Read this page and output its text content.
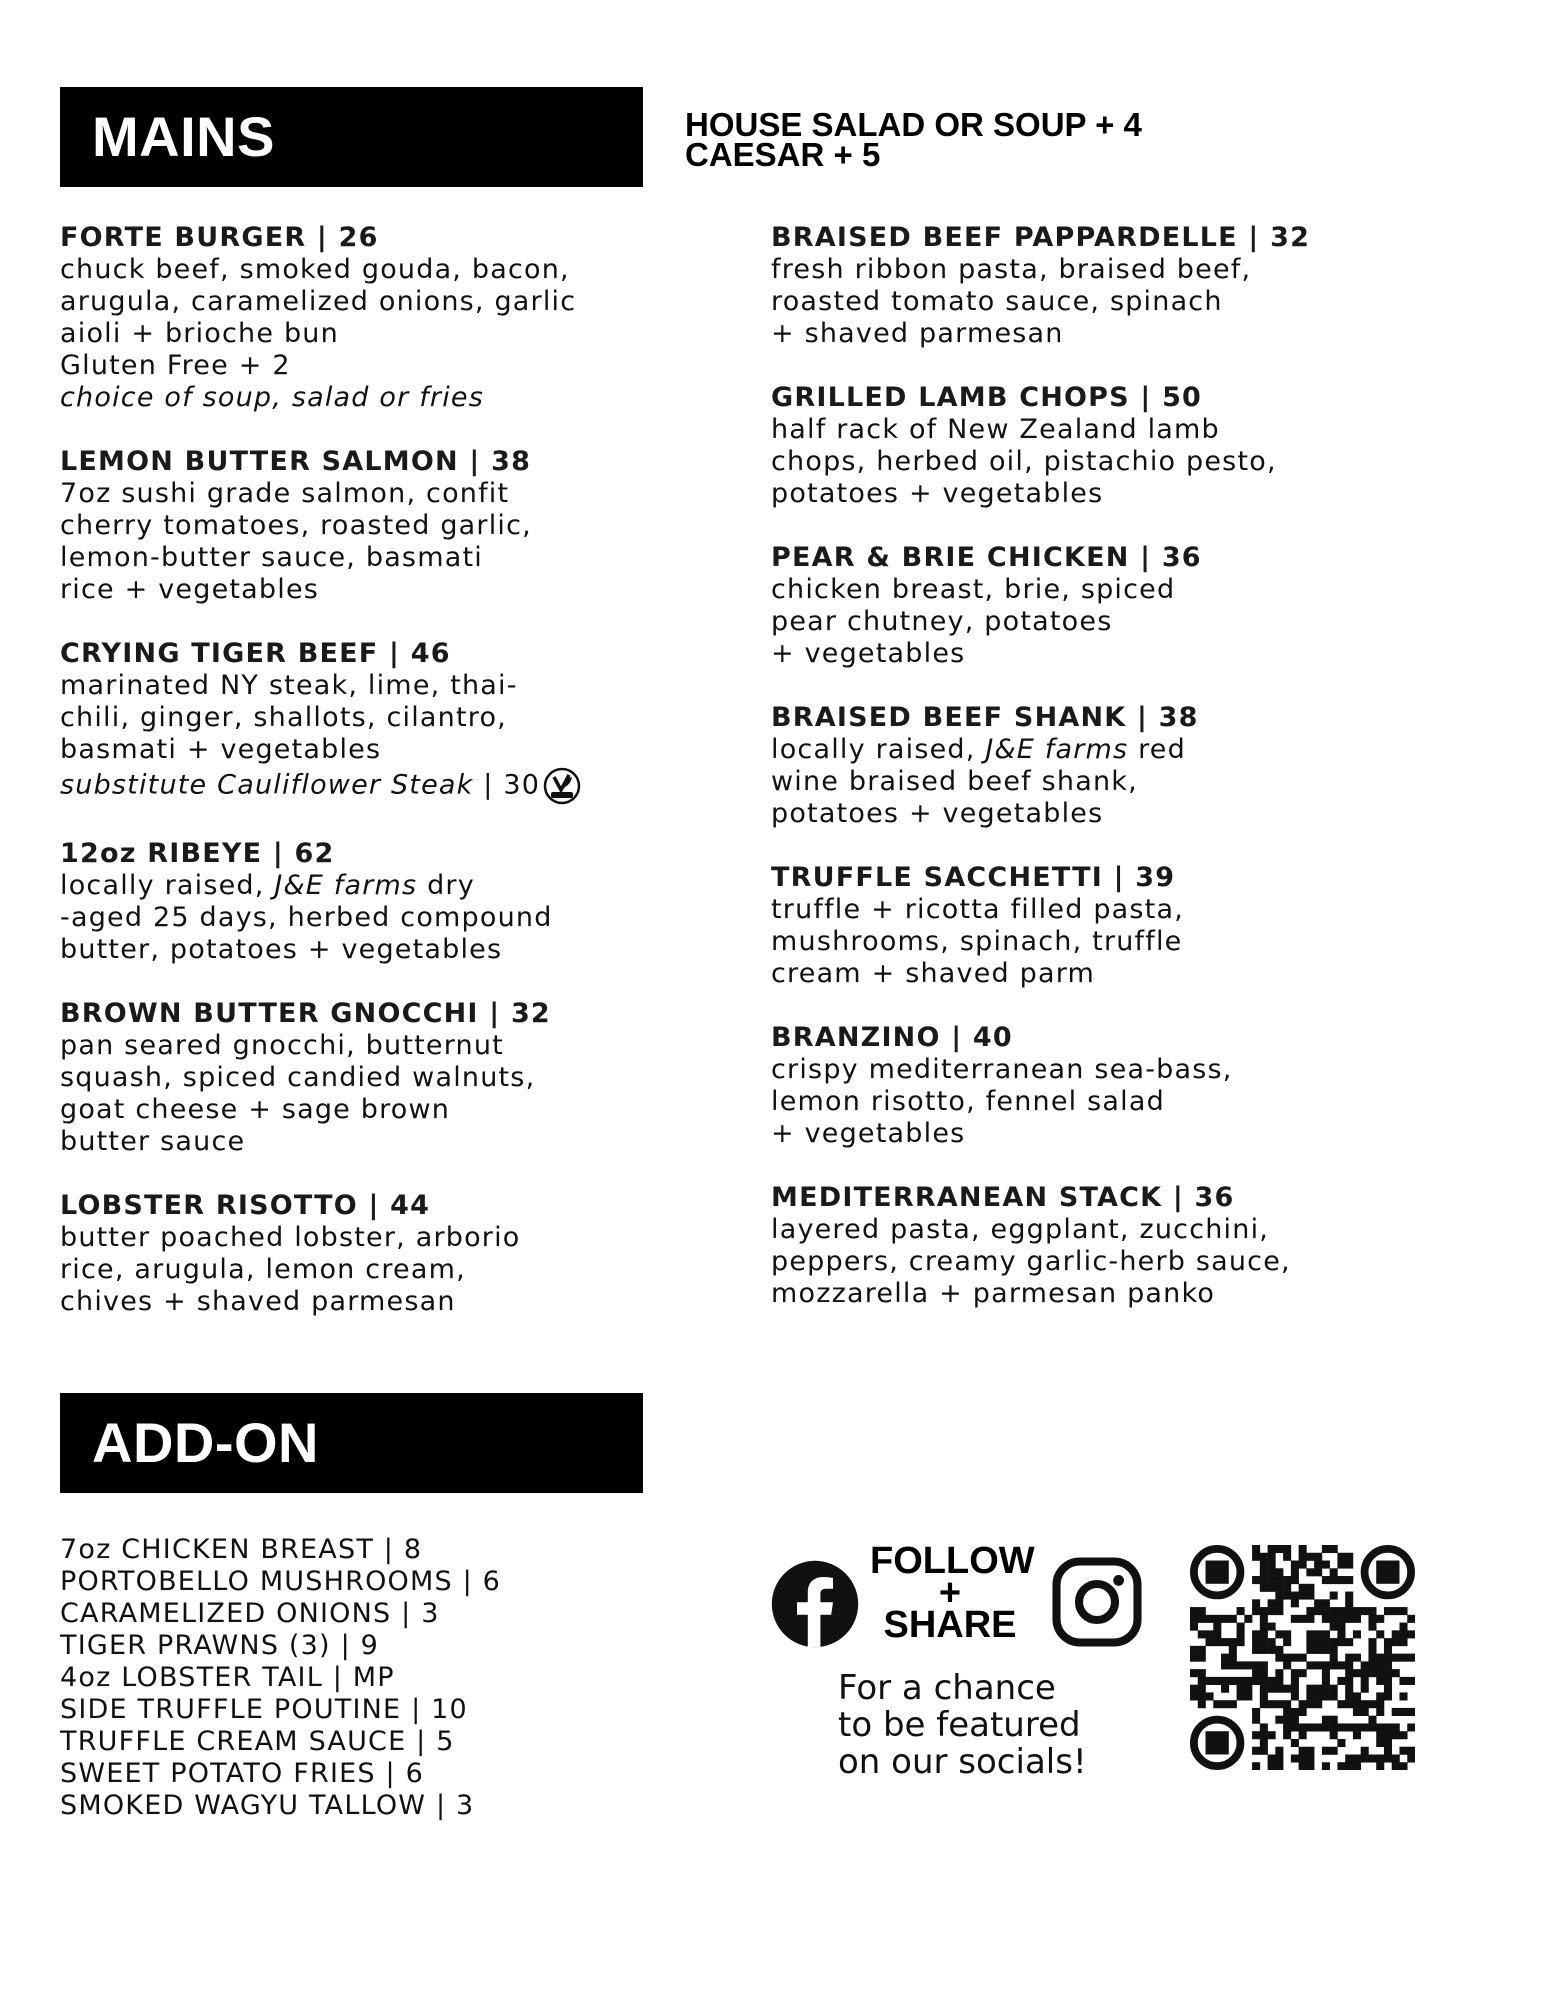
MAINS	HOUSE SALAD OR SOUP + 4
CAESAR + 5
FORTE BURGER | 26
chuck beef, smoked gouda, bacon,
arugula, caramelized onions, garlic
aioli + brioche bun
Gluten Free + 2
choice of soup, salad or fries
LEMON BUTTER SALMON | 38
7oz sushi grade salmon, confit
cherry tomatoes, roasted garlic,
lemon-butter sauce, basmati
rice + vegetables
CRYING TIGER BEEF | 46
marinated NY steak, lime, thai-
chili, ginger, shallots, cilantro,
basmati + vegetables
substitute Cauliflower Steak | 30
12oz RIBEYE | 62
locally raised, J&E farms dry
-aged 25 days, herbed compound
butter, potatoes + vegetables
BROWN BUTTER GNOCCHI | 32
pan seared gnocchi, butternut
squash, spiced candied walnuts,
goat cheese + sage brown
butter sauce
LOBSTER RISOTTO | 44
butter poached lobster, arborio
rice, arugula, lemon cream,
chives + shaved parmesan
BRAISED BEEF PAPPARDELLE | 32
fresh ribbon pasta, braised beef,
roasted tomato sauce, spinach
+ shaved parmesan
GRILLED LAMB CHOPS | 50
half rack of New Zealand lamb
chops, herbed oil, pistachio pesto,
potatoes + vegetables
PEAR & BRIE CHICKEN | 36
chicken breast, brie, spiced
pear chutney, potatoes
+ vegetables
BRAISED BEEF SHANK | 38
locally raised, J&E farms red
wine braised beef shank,
potatoes + vegetables
TRUFFLE SACCHETTI | 39
truffle + ricotta filled pasta,
mushrooms, spinach, truffle
cream + shaved parm
BRANZINO | 40
crispy mediterranean sea-bass,
lemon risotto, fennel salad
+ vegetables
MEDITERRANEAN STACK | 36
layered pasta, eggplant, zucchini,
peppers, creamy garlic-herb sauce,
mozzarella + parmesan panko
ADD-ON
7oz CHICKEN BREAST | 8
PORTOBELLO MUSHROOMS | 6
CARAMELIZED ONIONS | 3
TIGER PRAWNS (3) | 9
4oz LOBSTER TAIL | MP
SIDE TRUFFLE POUTINE | 10
TRUFFLE CREAM SAUCE | 5
SWEET POTATO FRIES | 6
SMOKED WAGYU TALLOW | 3
FOLLOW
+
SHARE
For a chance
to be featured
on our socials!
